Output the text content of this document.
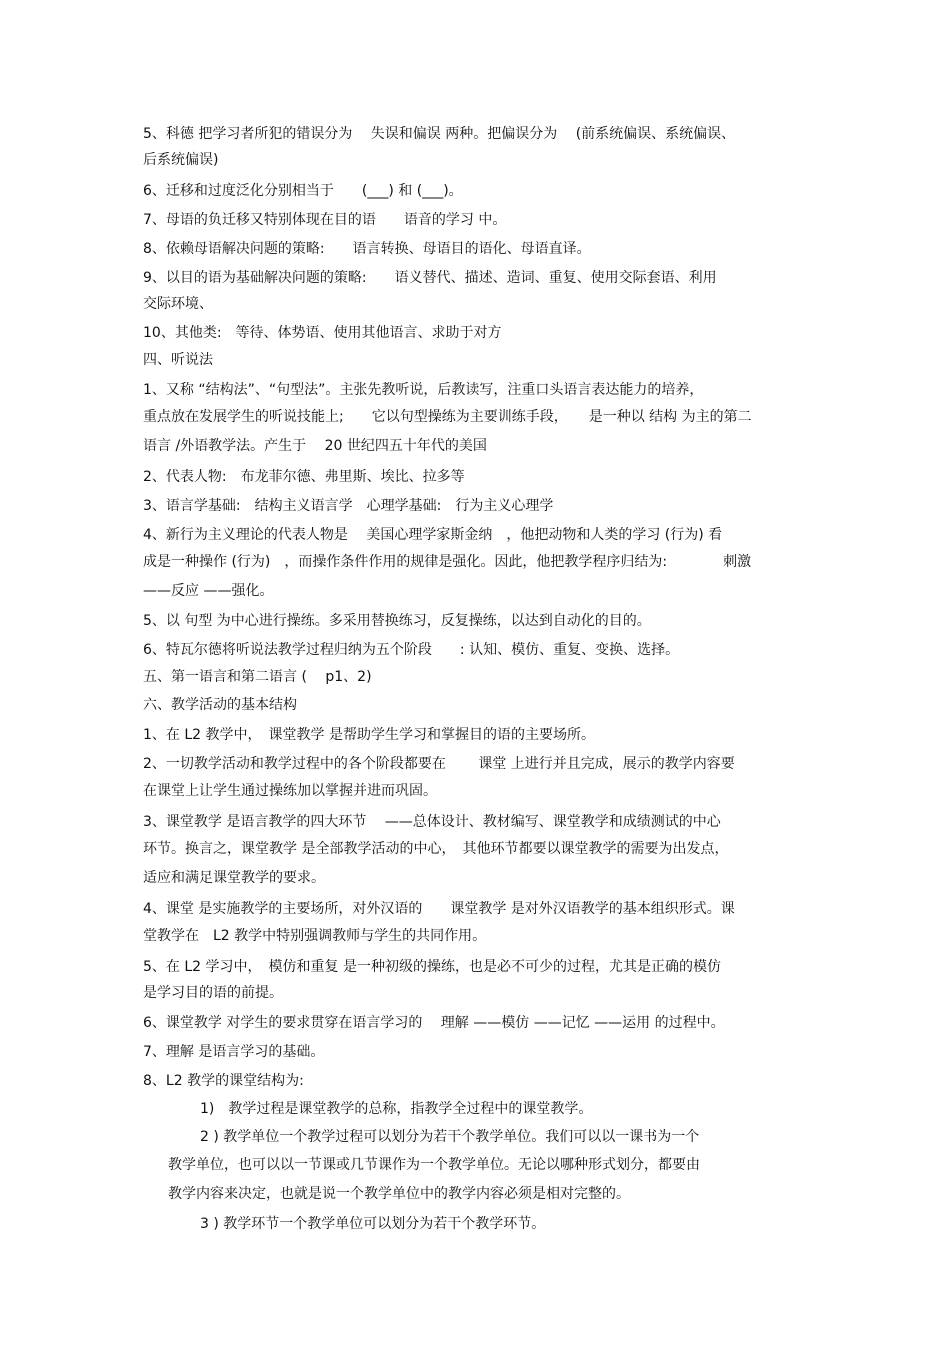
5、科德 把学习者所犯的错误分为　 失误和偏误 两种。把偏误分为　 (前系统偏误、系统偏误、
后系统偏误)
6、迁移和过度泛化分别相当于　　(___) 和 (___)。
7、母语的负迁移又特别体现在目的语　　语音的学习 中。
8、依赖母语解决问题的策略:　　语言转换、母语目的语化、母语直译。
9、以目的语为基础解决问题的策略:　　语义替代、描述、造词、重复、使用交际套语、利用
交际环境、
10、其他类:　等待、体势语、使用其他语言、求助于对方
四、听说法
1、又称 “结构法”、“句型法”。主张先教听说，后教读写，注重口头语言表达能力的培养，
重点放在发展学生的听说技能上;　　它以句型操练为主要训练手段，　　是一种以 结构 为主的第二
语言 /外语教学法。产生于　 20 世纪四五十年代的美国
2、代表人物:　布龙菲尔德、弗里斯、埃比、拉多等
3、语言学基础:　结构主义语言学　心理学基础:　行为主义心理学
4、新行为主义理论的代表人物是　 美国心理学家斯金纳　，他把动物和人类的学习 (行为) 看
成是一种操作 (行为)　，而操作条件作用的规律是强化。因此，他把教学程序归结为:　　　　刺激
——反应 ——强化。
5、以 句型 为中心进行操练。多采用替换练习，反复操练，以达到自动化的目的。
6、特瓦尔德将听说法教学过程归纳为五个阶段　　: 认知、模仿、重复、变换、选择。
五、第一语言和第二语言 (　 p1、2)
六、教学活动的基本结构
1、在 L2 教学中，　课堂教学 是帮助学生学习和掌握目的语的主要场所。
2、一切教学活动和教学过程中的各个阶段都要在　　 课堂 上进行并且完成，展示的教学内容要
在课堂上让学生通过操练加以掌握并进而巩固。
3、课堂教学 是语言教学的四大环节　 ——总体设计、教材编写、课堂教学和成绩测试的中心
环节。换言之，课堂教学 是全部教学活动的中心，　其他环节都要以课堂教学的需要为出发点，
适应和满足课堂教学的要求。
4、课堂 是实施教学的主要场所，对外汉语的　　课堂教学 是对外汉语教学的基本组织形式。课
堂教学在　L2 教学中特别强调教师与学生的共同作用。
5、在 L2 学习中，　模仿和重复 是一种初级的操练，也是必不可少的过程，尤其是正确的模仿
是学习目的语的前提。
6、课堂教学 对学生的要求贯穿在语言学习的　 理解 ——模仿 ——记忆 ——运用 的过程中。
7、理解 是语言学习的基础。
8、L2 教学的课堂结构为:
1)　教学过程是课堂教学的总称，指教学全过程中的课堂教学。
2 ) 教学单位一个教学过程可以划分为若干个教学单位。我们可以以一课书为一个
教学单位，也可以以一节课或几节课作为一个教学单位。无论以哪种形式划分，都要由
教学内容来决定，也就是说一个教学单位中的教学内容必须是相对完整的。
3 ) 教学环节一个教学单位可以划分为若干个教学环节。
